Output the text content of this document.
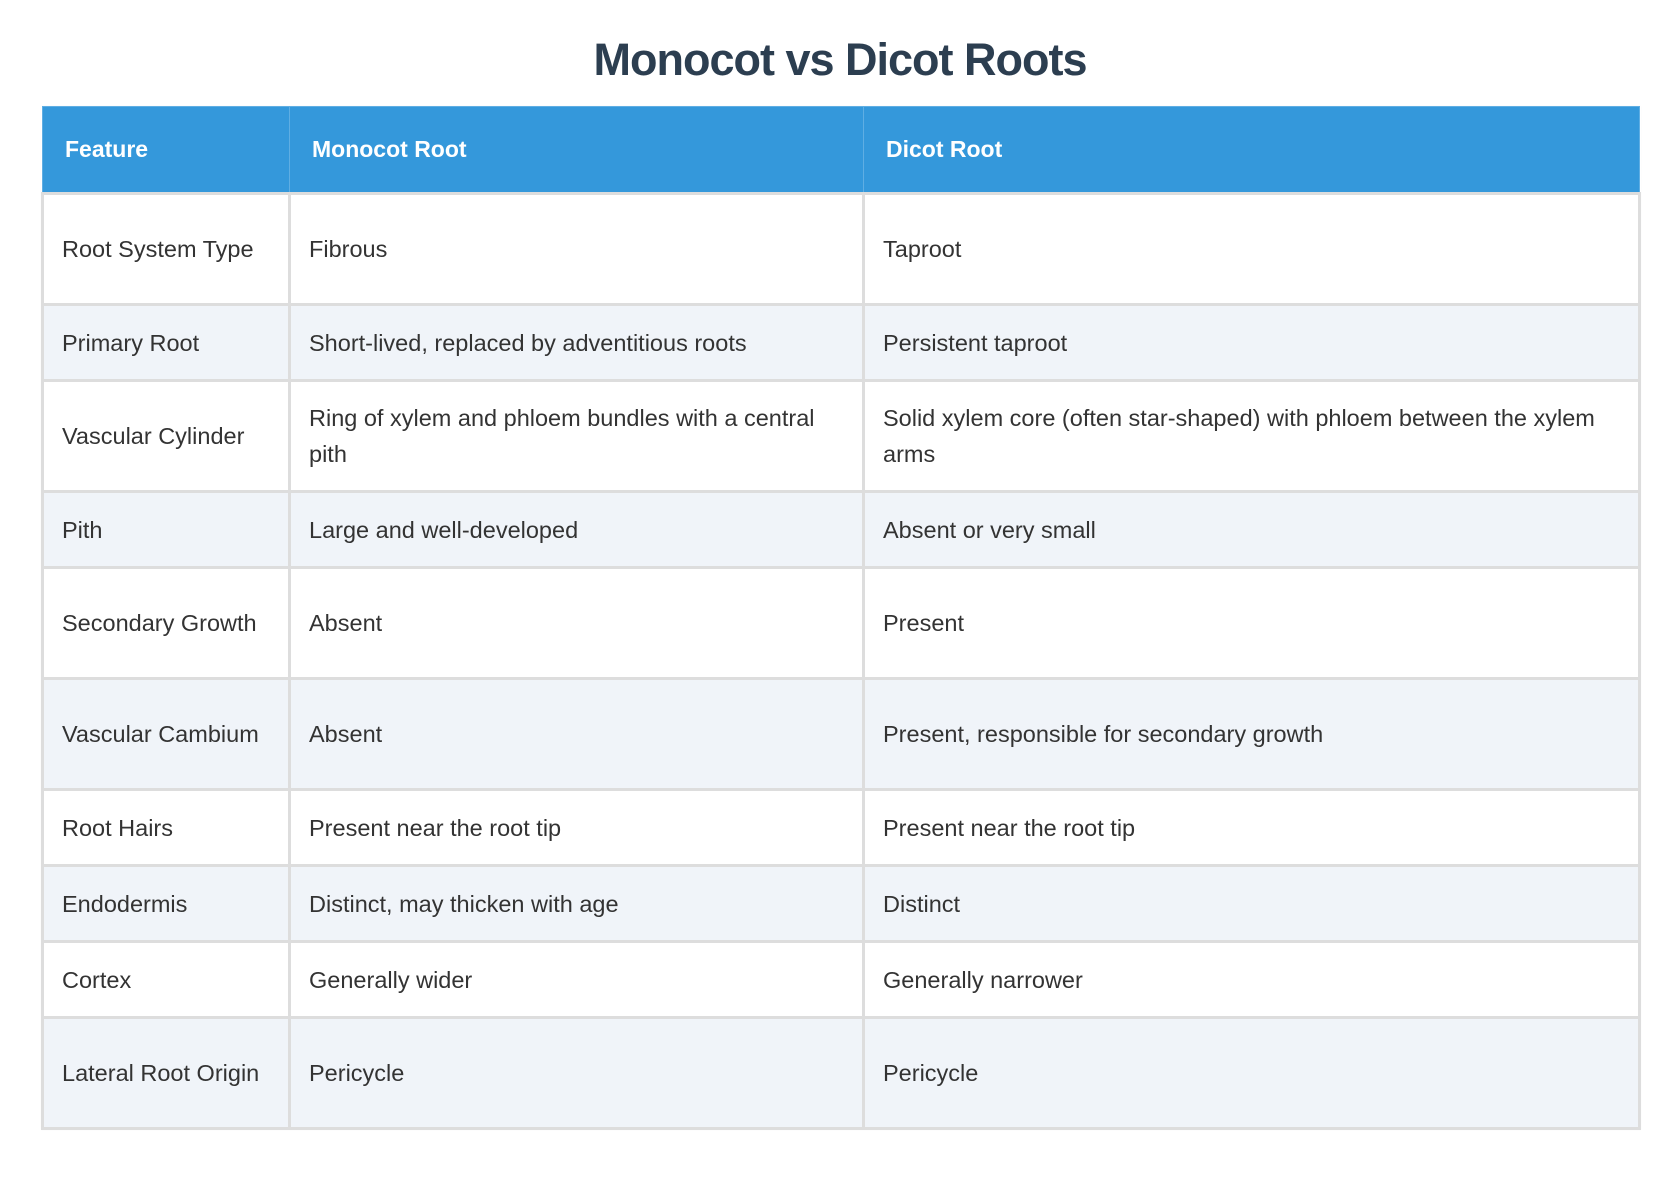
Monocot vs Dicot Roots
Feature	Monocot Root	Dicot Root
Root System Type	Fibrous	Taproot
Primary Root	Short-lived, replaced by adventitious roots	Persistent taproot
Vascular Cylinder	Ring of xylem and phloem bundles with a central pith	Solid xylem core (often star-shaped) with phloem between the xylem arms
Pith	Large and well-developed	Absent or very small
Secondary Growth	Absent	Present
Vascular Cambium	Absent	Present, responsible for secondary growth
Root Hairs	Present near the root tip	Present near the root tip
Endodermis	Distinct, may thicken with age	Distinct
Cortex	Generally wider	Generally narrower
Lateral Root Origin	Pericycle	Pericycle
